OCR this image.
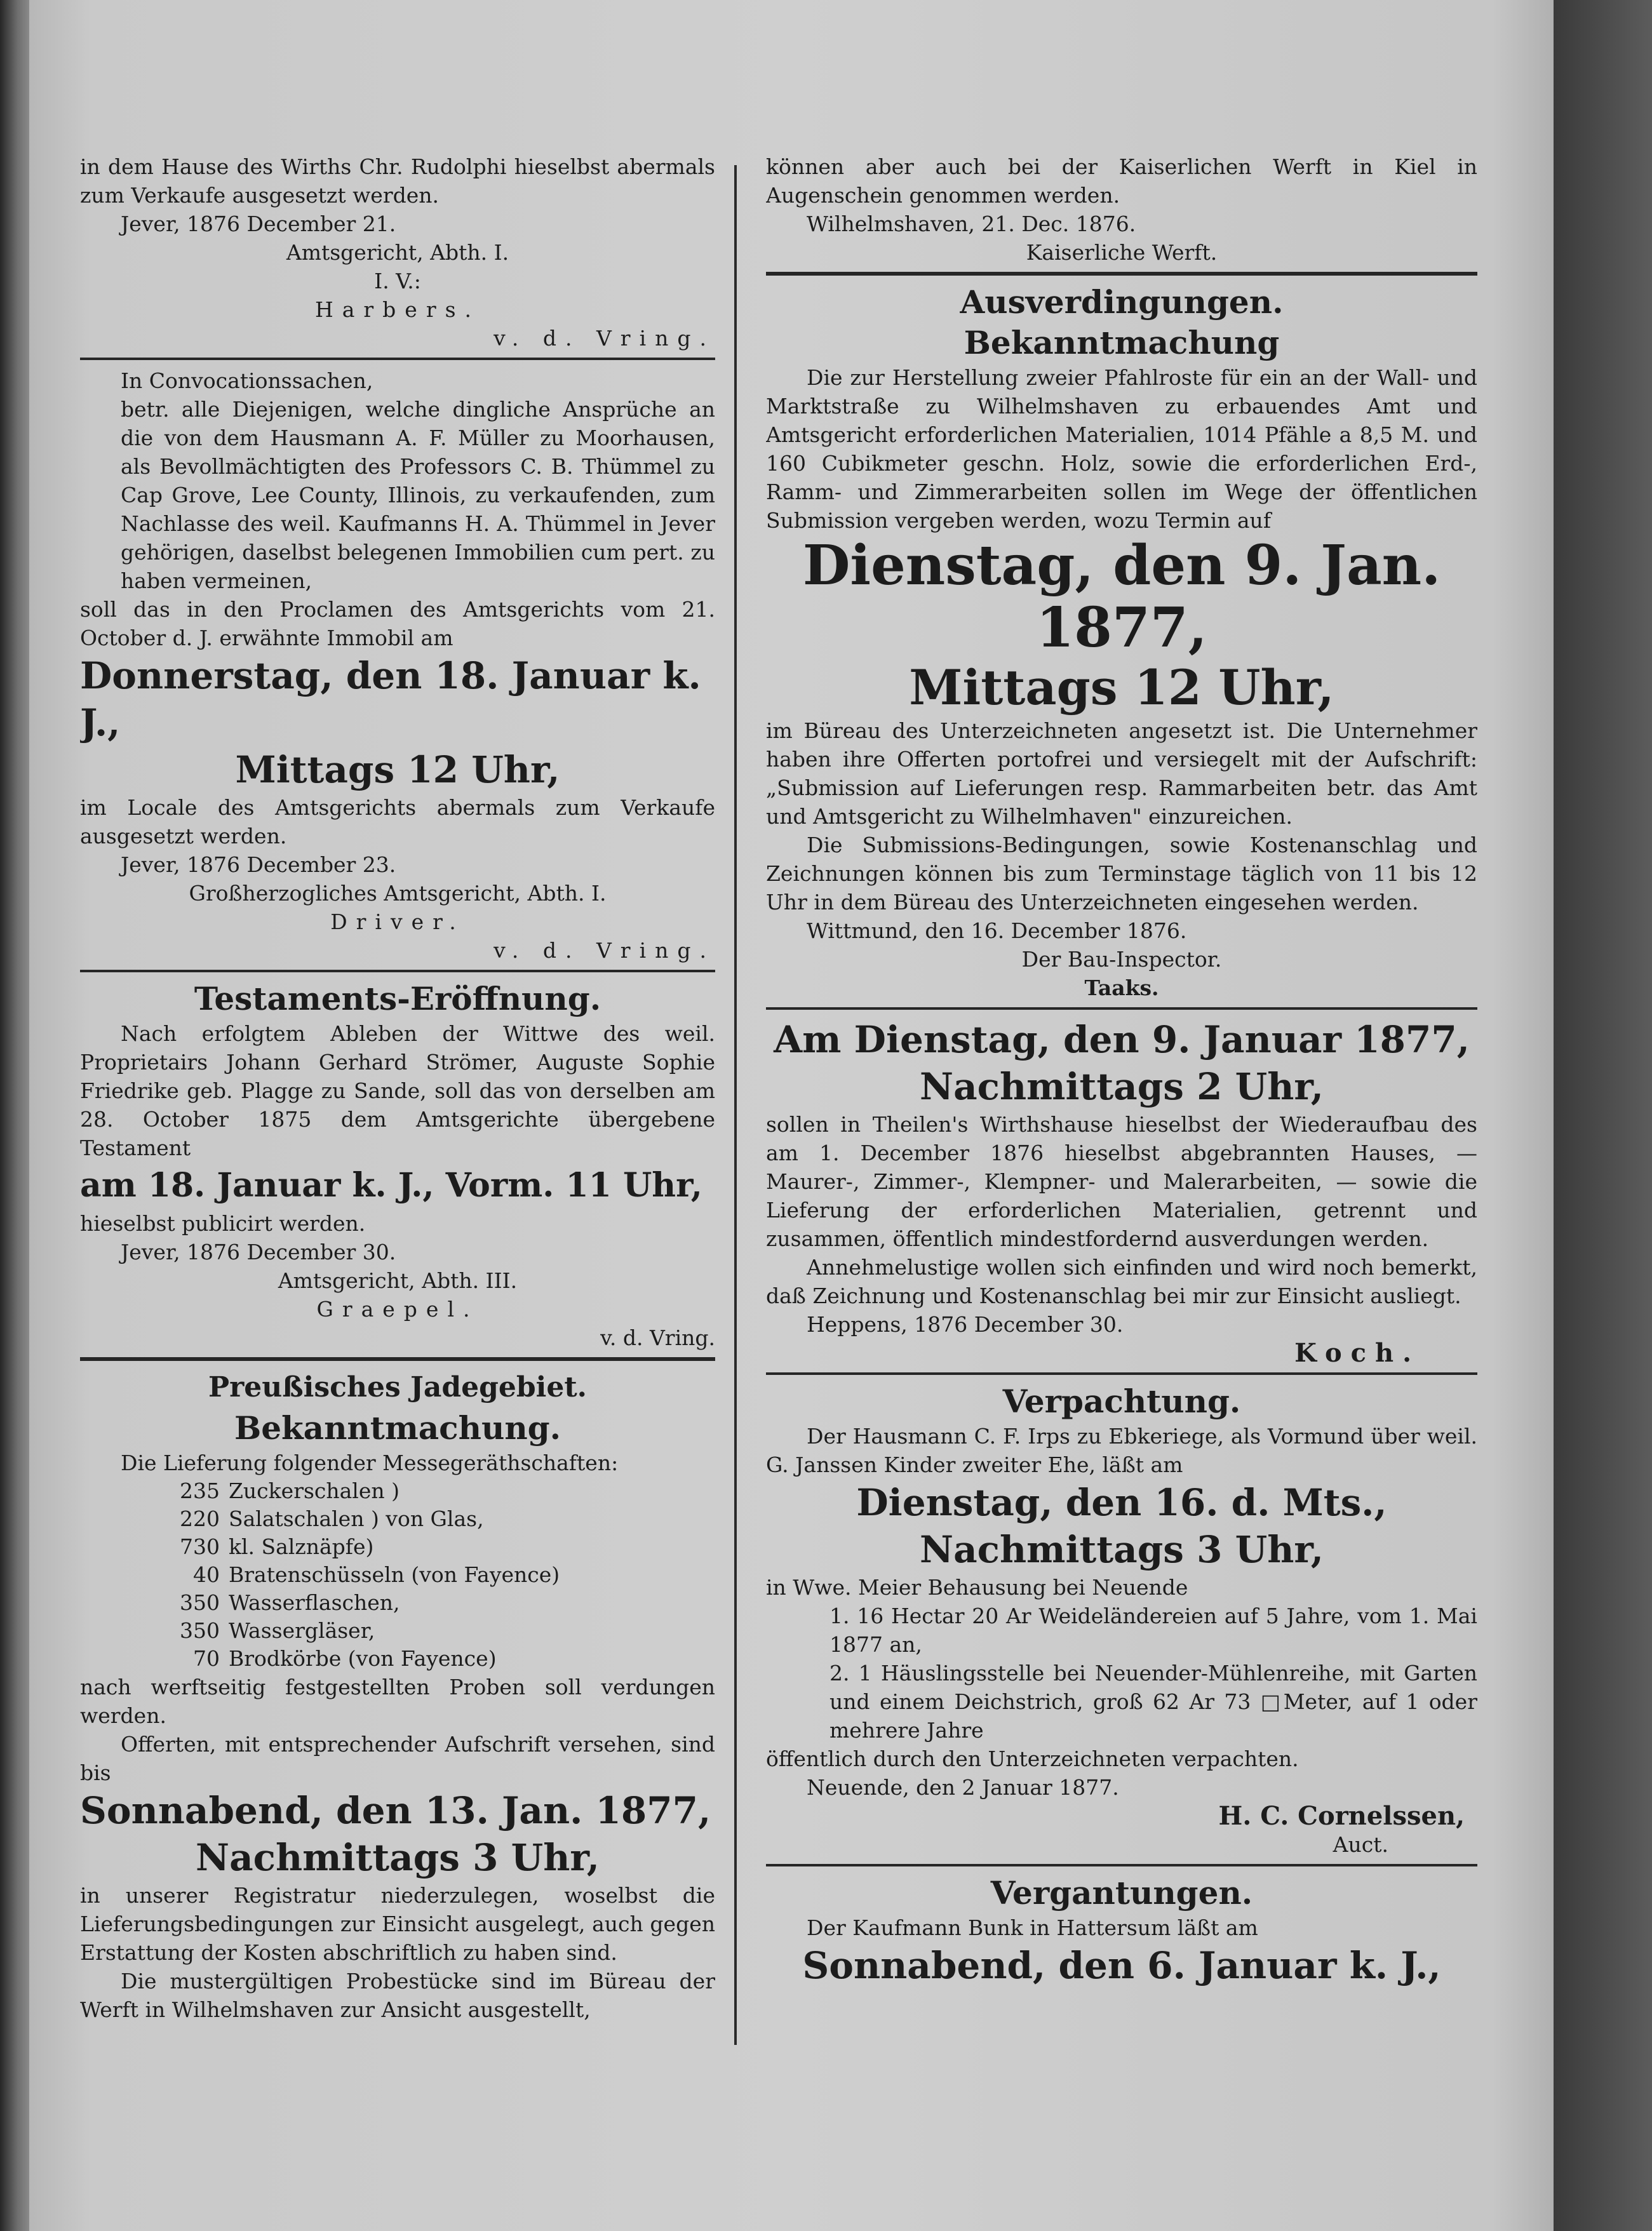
in dem Hause des Wirths Chr. Rudolphi hieselbst abermals zum Verkaufe ausgesetzt werden.

Jever, 1876 December 21.

Amtsgericht, Abth. I.

I. V.:

Harbers.

v. d. Vring.

In Convocationssachen,

betr. alle Diejenigen, welche dingliche Ansprüche an die von dem Hausmann A. F. Müller zu Moorhausen, als Bevollmächtigten des Professors C. B. Thümmel zu Cap Grove, Lee County, Illinois, zu verkaufenden, zum Nachlasse des weil. Kaufmanns H. A. Thümmel in Jever gehörigen, daselbst belegenen Immobilien cum pert. zu haben vermeinen,

soll das in den Proclamen des Amtsgerichts vom 21. October d. J. erwähnte Immobil am

Donnerstag, den 18. Januar k. J.,

Mittags 12 Uhr,

im Locale des Amtsgerichts abermals zum Verkaufe ausgesetzt werden.

Jever, 1876 December 23.

Großherzogliches Amtsgericht, Abth. I.

Driver.

v. d. Vring.

Testaments-Eröffnung.

Nach erfolgtem Ableben der Wittwe des weil. Proprietairs Johann Gerhard Strömer, Auguste Sophie Friedrike geb. Plagge zu Sande, soll das von derselben am 28. October 1875 dem Amtsgerichte übergebene Testament

am 18. Januar k. J., Vorm. 11 Uhr,

hieselbst publicirt werden.

Jever, 1876 December 30.

Amtsgericht, Abth. III.

Graepel.

v. d. Vring.

Preußisches Jadegebiet.

Bekanntmachung.

Die Lieferung folgender Messegeräthschaften:

235 Zuckerschalen )
220 Salatschalen ) von Glas,
730 kl. Salznäpfe)
40 Bratenschüsseln (von Fayence)
350 Wasserflaschen,
350 Wassergläser,
70 Brodkörbe (von Fayence)

nach werftseitig festgestellten Proben soll verdungen werden.

Offerten, mit entsprechender Aufschrift versehen, sind bis

Sonnabend, den 13. Jan. 1877,

Nachmittags 3 Uhr,

in unserer Registratur niederzulegen, woselbst die Lieferungsbedingungen zur Einsicht ausgelegt, auch gegen Erstattung der Kosten abschriftlich zu haben sind.

Die mustergültigen Probestücke sind im Büreau der Werft in Wilhelmshaven zur Ansicht ausgestellt,

können aber auch bei der Kaiserlichen Werft in Kiel in Augenschein genommen werden.

Wilhelmshaven, 21. Dec. 1876.

Kaiserliche Werft.

Ausverdingungen.

Bekanntmachung

Die zur Herstellung zweier Pfahlroste für ein an der Wall- und Marktstraße zu Wilhelmshaven zu erbauendes Amt und Amtsgericht erforderlichen Materialien, 1014 Pfähle a 8,5 M. und 160 Cubikmeter geschn. Holz, sowie die erforderlichen Erd-, Ramm- und Zimmerarbeiten sollen im Wege der öffentlichen Submission vergeben werden, wozu Termin auf

Dienstag, den 9. Jan. 1877,

Mittags 12 Uhr,

im Büreau des Unterzeichneten angesetzt ist. Die Unternehmer haben ihre Offerten portofrei und versiegelt mit der Aufschrift: „Submission auf Lieferungen resp. Rammarbeiten betr. das Amt und Amtsgericht zu Wilhelmhaven" einzureichen.

Die Submissions-Bedingungen, sowie Kostenanschlag und Zeichnungen können bis zum Terminstage täglich von 11 bis 12 Uhr in dem Büreau des Unterzeichneten eingesehen werden.

Wittmund, den 16. December 1876.

Der Bau-Inspector.

Taaks.

Am Dienstag, den 9. Januar 1877,

Nachmittags 2 Uhr,

sollen in Theilen's Wirthshause hieselbst der Wiederaufbau des am 1. December 1876 hieselbst abgebrannten Hauses, — Maurer-, Zimmer-, Klempner- und Malerarbeiten, — sowie die Lieferung der erforderlichen Materialien, getrennt und zusammen, öffentlich mindestfordernd ausverdungen werden.

Annehmelustige wollen sich einfinden und wird noch bemerkt, daß Zeichnung und Kostenanschlag bei mir zur Einsicht ausliegt.

Heppens, 1876 December 30.

Koch.

Verpachtung.

Der Hausmann C. F. Irps zu Ebkeriege, als Vormund über weil. G. Janssen Kinder zweiter Ehe, läßt am

Dienstag, den 16. d. Mts.,

Nachmittags 3 Uhr,

in Wwe. Meier Behausung bei Neuende

1. 16 Hectar 20 Ar Weideländereien auf 5 Jahre, vom 1. Mai 1877 an,

2. 1 Häuslingsstelle bei Neuender-Mühlenreihe, mit Garten und einem Deichstrich, groß 62 Ar 73 □Meter, auf 1 oder mehrere Jahre

öffentlich durch den Unterzeichneten verpachten.

Neuende, den 2 Januar 1877.

H. C. Cornelssen,

Auct.

Vergantungen.

Der Kaufmann Bunk in Hattersum läßt am

Sonnabend, den 6. Januar k. J.,
